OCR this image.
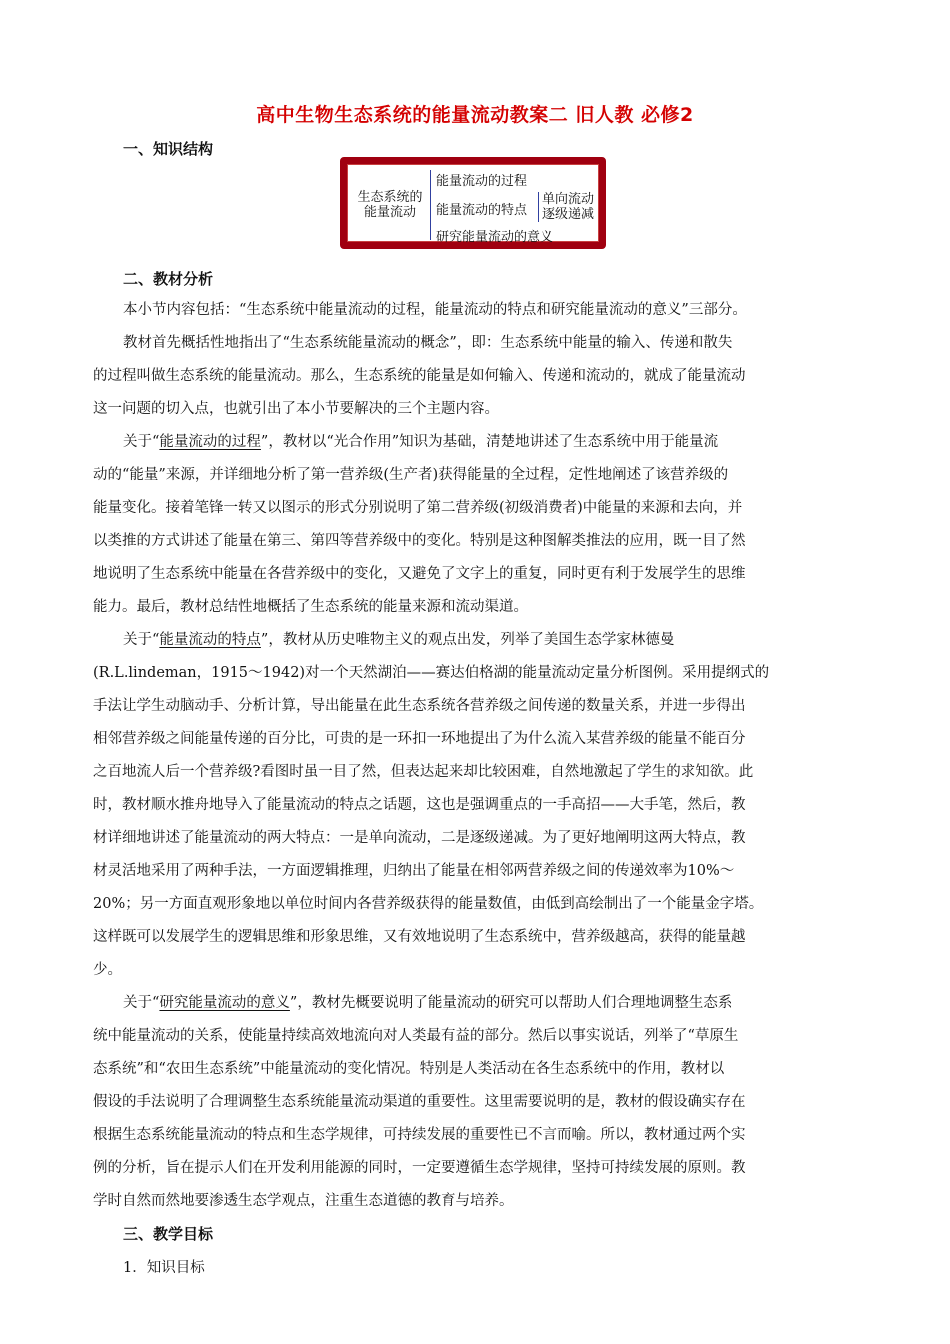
高中生物生态系统的能量流动教案二 旧人教 必修2
一、知识结构
生态系统的
能量流动
能量流动的过程
能量流动的特点
研究能量流动的意义
单向流动
逐级递减
二、教材分析
本小节内容包括：“生态系统中能量流动的过程，能量流动的特点和研究能量流动的意义”三部分。
教材首先概括性地指出了“生态系统能量流动的概念”，即：生态系统中能量的输入、传递和散失
的过程叫做生态系统的能量流动。那么，生态系统的能量是如何输入、传递和流动的，就成了能量流动
这一问题的切入点，也就引出了本小节要解决的三个主题内容。
关于“能量流动的过程”，教材以“光合作用”知识为基础，清楚地讲述了生态系统中用于能量流
动的“能量”来源，并详细地分析了第一营养级(生产者)获得能量的全过程，定性地阐述了该营养级的
能量变化。接着笔锋一转又以图示的形式分别说明了第二营养级(初级消费者)中能量的来源和去向，并
以类推的方式讲述了能量在第三、第四等营养级中的变化。特别是这种图解类推法的应用，既一目了然
地说明了生态系统中能量在各营养级中的变化，又避免了文字上的重复，同时更有利于发展学生的思维
能力。最后，教材总结性地概括了生态系统的能量来源和流动渠道。
关于“能量流动的特点”，教材从历史唯物主义的观点出发，列举了美国生态学家林德曼
(R.L.lindeman，1915～1942)对一个天然湖泊——赛达伯格湖的能量流动定量分析图例。采用提纲式的
手法让学生动脑动手、分析计算，导出能量在此生态系统各营养级之间传递的数量关系，并进一步得出
相邻营养级之间能量传递的百分比，可贵的是一环扣一环地提出了为什么流入某营养级的能量不能百分
之百地流人后一个营养级?看图时虽一目了然，但表达起来却比较困难，自然地激起了学生的求知欲。此
时，教材顺水推舟地导入了能量流动的特点之话题，这也是强调重点的一手高招——大手笔，然后，教
材详细地讲述了能量流动的两大特点：一是单向流动，二是逐级递减。为了更好地阐明这两大特点，教
材灵活地采用了两种手法，一方面逻辑推理，归纳出了能量在相邻两营养级之间的传递效率为10%～
20%；另一方面直观形象地以单位时间内各营养级获得的能量数值，由低到高绘制出了一个能量金字塔。
这样既可以发展学生的逻辑思维和形象思维，又有效地说明了生态系统中，营养级越高，获得的能量越
少。
关于“研究能量流动的意义”，教材先概要说明了能量流动的研究可以帮助人们合理地调整生态系
统中能量流动的关系，使能量持续高效地流向对人类最有益的部分。然后以事实说话，列举了“草原生
态系统”和“农田生态系统”中能量流动的变化情况。特别是人类活动在各生态系统中的作用，教材以
假设的手法说明了合理调整生态系统能量流动渠道的重要性。这里需要说明的是，教材的假设确实存在
根据生态系统能量流动的特点和生态学规律，可持续发展的重要性已不言而喻。所以，教材通过两个实
例的分析，旨在提示人们在开发利用能源的同时，一定要遵循生态学规律，坚持可持续发展的原则。教
学时自然而然地要渗透生态学观点，注重生态道德的教育与培养。
三、教学目标
1．知识目标
